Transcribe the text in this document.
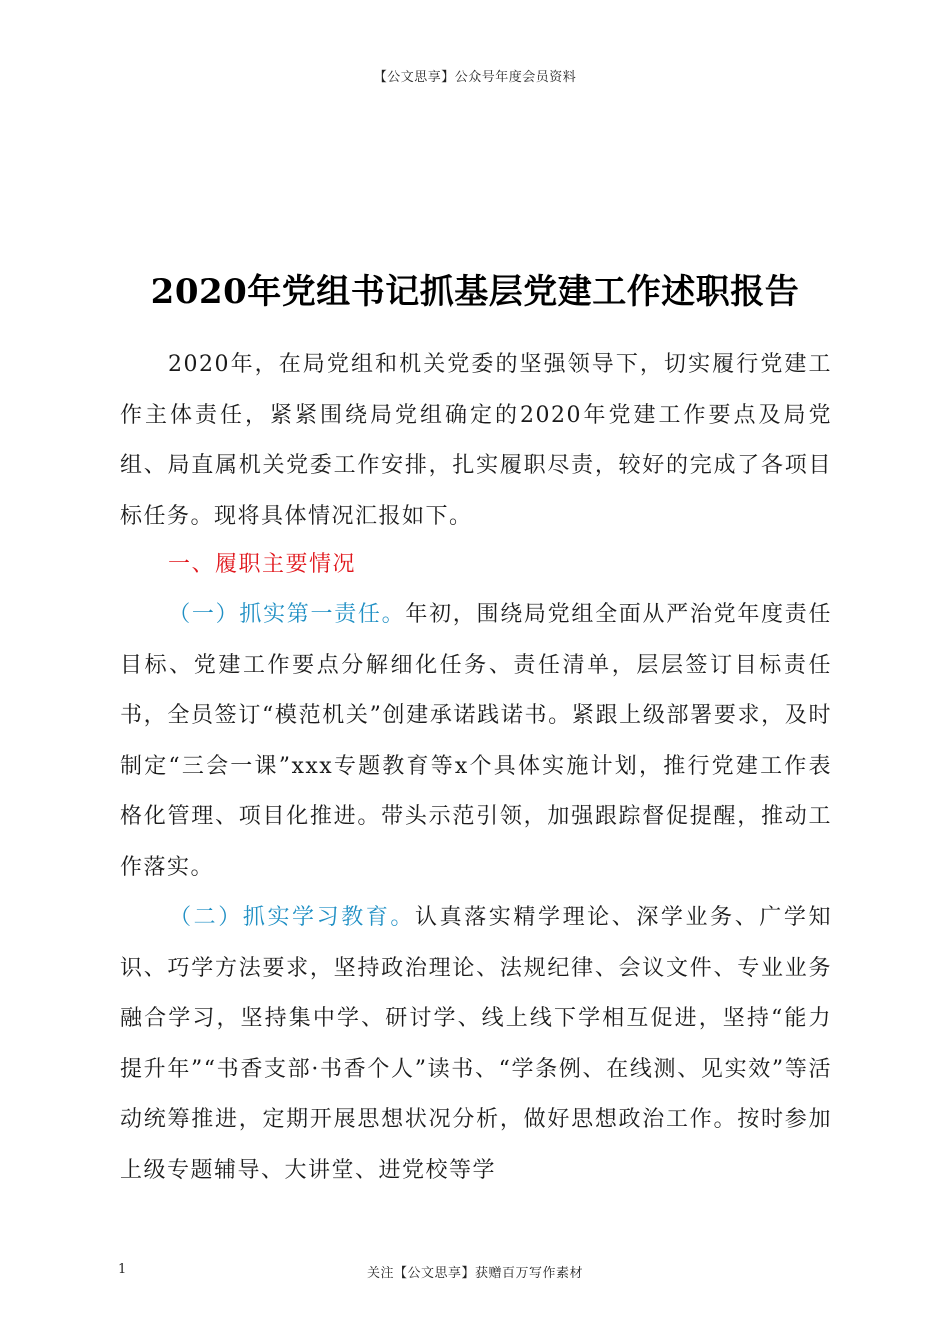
【公文思享】公众号年度会员资料
2020年党组书记抓基层党建工作述职报告
2020年，在局党组和机关党委的坚强领导下，切实履行党建工作主体责任，紧紧围绕局党组确定的2020年党建工作要点及局党组、局直属机关党委工作安排，扎实履职尽责，较好的完成了各项目标任务。现将具体情况汇报如下。
一、履职主要情况
（一）抓实第一责任。年初，围绕局党组全面从严治党年度责任目标、党建工作要点分解细化任务、责任清单，层层签订目标责任书，全员签订“模范机关”创建承诺践诺书。紧跟上级部署要求，及时制定“三会一课”xxx专题教育等x个具体实施计划，推行党建工作表格化管理、项目化推进。带头示范引领，加强跟踪督促提醒，推动工作落实。
（二）抓实学习教育。认真落实精学理论、深学业务、广学知识、巧学方法要求，坚持政治理论、法规纪律、会议文件、专业业务融合学习，坚持集中学、研讨学、线上线下学相互促进，坚持“能力提升年”“书香支部·书香个人”读书、“学条例、在线测、见实效”等活动统筹推进，定期开展思想状况分析，做好思想政治工作。按时参加上级专题辅导、大讲堂、进党校等学
1	关注【公文思享】获赠百万写作素材
